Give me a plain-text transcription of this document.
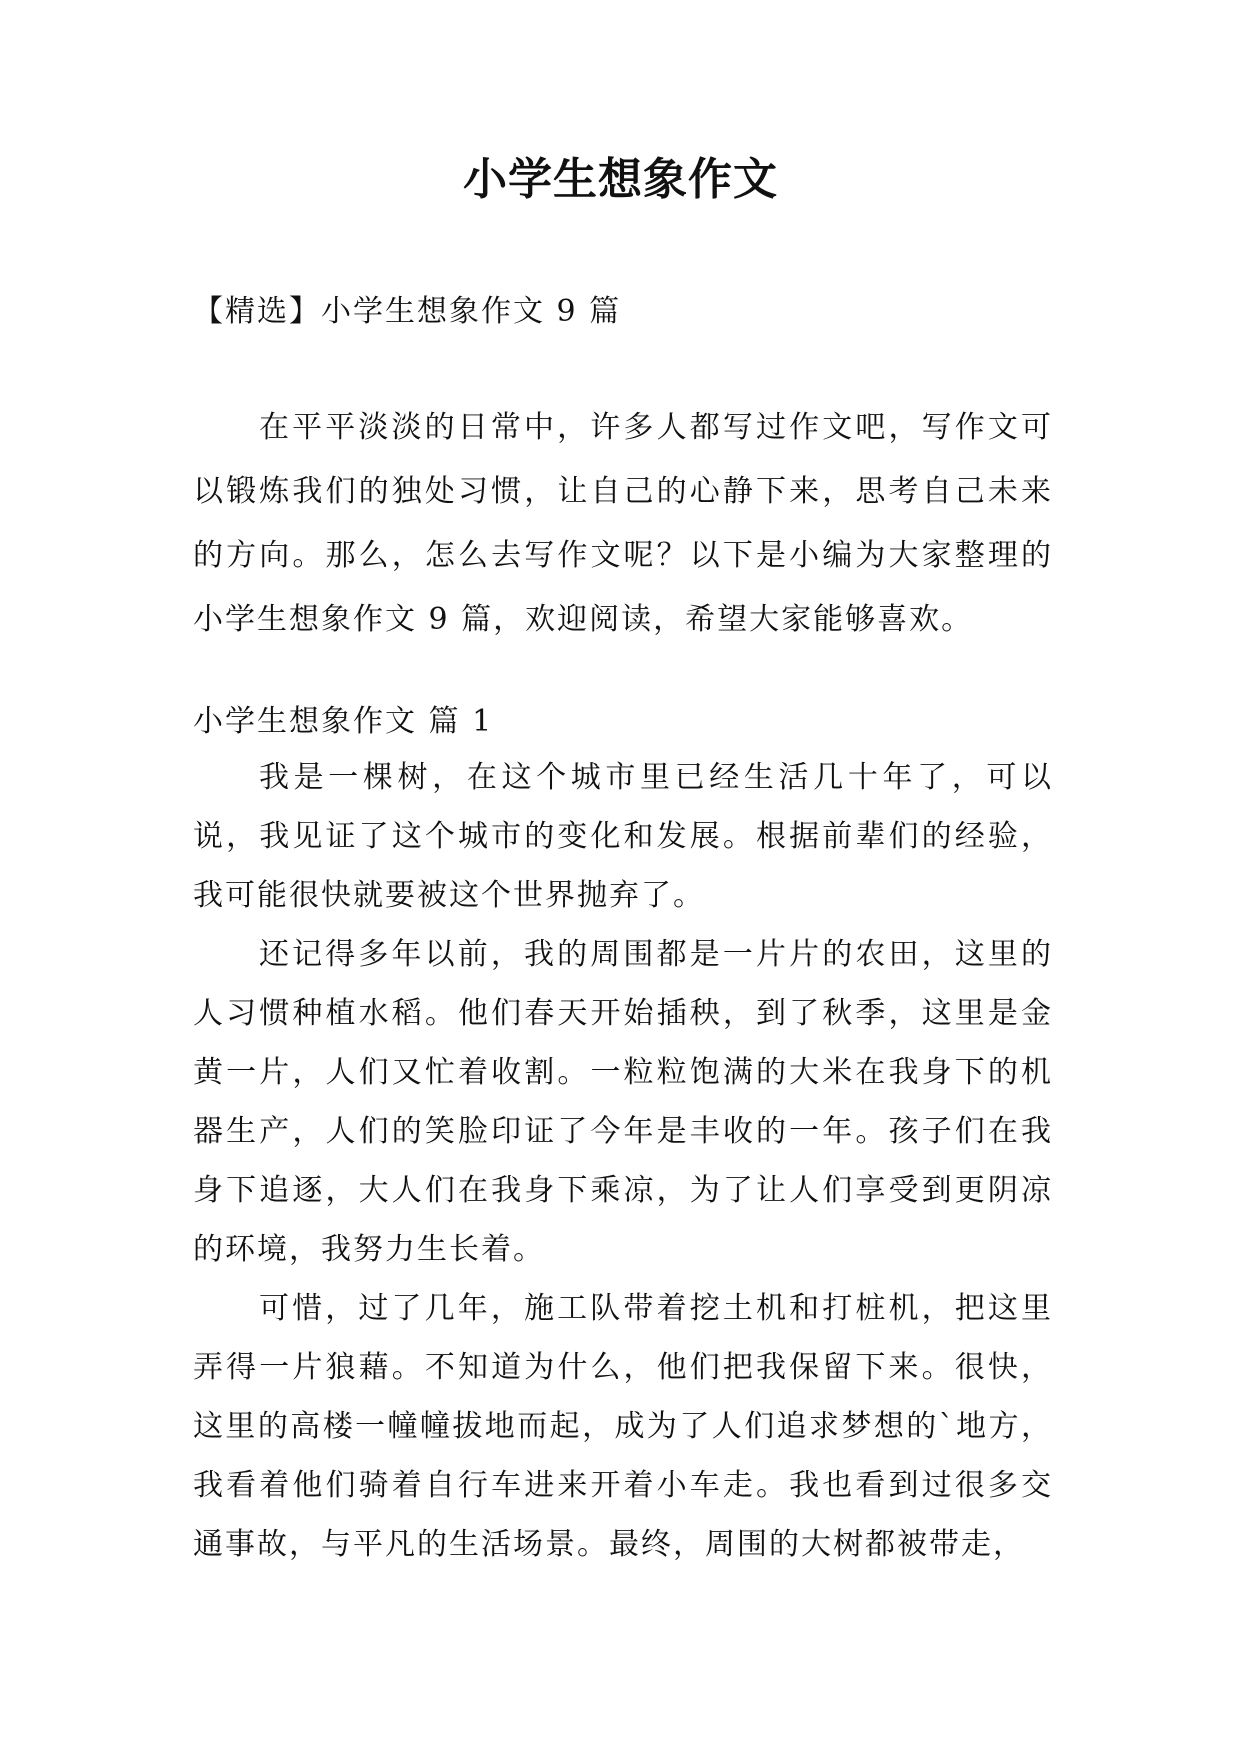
小学生想象作文

【精选】小学生想象作文 9 篇

在平平淡淡的日常中，许多人都写过作文吧，写作文可以锻炼我们的独处习惯，让自己的心静下来，思考自己未来的方向。那么，怎么去写作文呢？以下是小编为大家整理的小学生想象作文 9 篇，欢迎阅读，希望大家能够喜欢。

小学生想象作文 篇 1

我是一棵树，在这个城市里已经生活几十年了，可以说，我见证了这个城市的变化和发展。根据前辈们的经验，我可能很快就要被这个世界抛弃了。

还记得多年以前，我的周围都是一片片的农田，这里的人习惯种植水稻。他们春天开始插秧，到了秋季，这里是金黄一片，人们又忙着收割。一粒粒饱满的大米在我身下的机器生产，人们的笑脸印证了今年是丰收的一年。孩子们在我身下追逐，大人们在我身下乘凉，为了让人们享受到更阴凉的环境，我努力生长着。

可惜，过了几年，施工队带着挖土机和打桩机，把这里弄得一片狼藉。不知道为什么，他们把我保留下来。很快，这里的高楼一幢幢拔地而起，成为了人们追求梦想的`地方，我看着他们骑着自行车进来开着小车走。我也看到过很多交通事故，与平凡的生活场景。最终，周围的大树都被带走，
